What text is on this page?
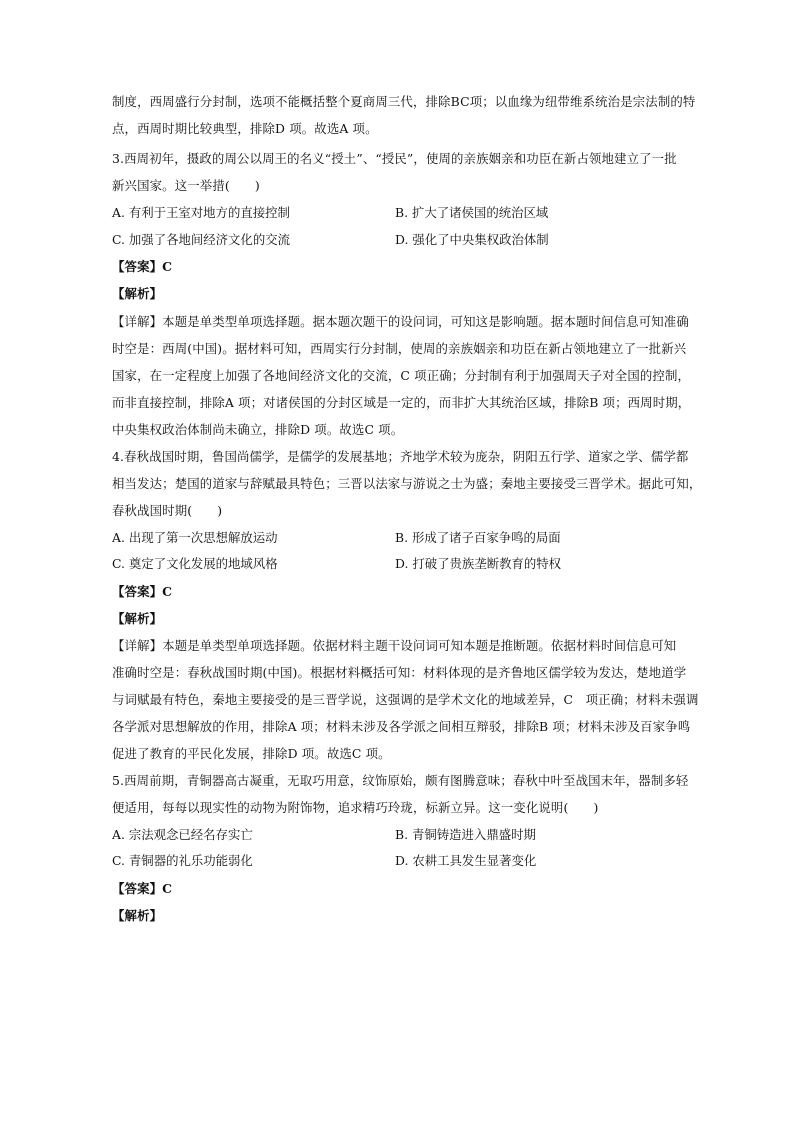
制度，西周盛行分封制，选项不能概括整个夏商周三代，排除BC项；以血缘为纽带维系统治是宗法制的特
点，西周时期比较典型，排除D 项。故选A 项。
3.西周初年，摄政的周公以周王的名义“授土”、“授民”，使周的亲族姻亲和功臣在新占领地建立了一批
新兴国家。这一举措(　　)
A. 有利于王室对地方的直接控制	B. 扩大了诸侯国的统治区域
C. 加强了各地间经济文化的交流	D. 强化了中央集权政治体制
【答案】C
【解析】
【详解】本题是单类型单项选择题。据本题次题干的设问词，可知这是影响题。据本题时间信息可知准确
时空是：西周(中国)。据材料可知，西周实行分封制，使周的亲族姻亲和功臣在新占领地建立了一批新兴
国家，在一定程度上加强了各地间经济文化的交流，C 项正确；分封制有利于加强周天子对全国的控制，
而非直接控制，排除A 项；对诸侯国的分封区域是一定的，而非扩大其统治区域，排除B 项；西周时期，
中央集权政治体制尚未确立，排除D 项。故选C 项。
4.春秋战国时期，鲁国尚儒学，是儒学的发展基地；齐地学术较为庞杂，阴阳五行学、道家之学、儒学都
相当发达；楚国的道家与辞赋最具特色；三晋以法家与游说之士为盛；秦地主要接受三晋学术。据此可知，
春秋战国时期(　　)
A. 出现了第一次思想解放运动	B. 形成了诸子百家争鸣的局面
C. 奠定了文化发展的地域风格	D. 打破了贵族垄断教育的特权
【答案】C
【解析】
【详解】本题是单类型单项选择题。依据材料主题干设问词可知本题是推断题。依据材料时间信息可知
准确时空是：春秋战国时期(中国)。根据材料概括可知：材料体现的是齐鲁地区儒学较为发达，楚地道学
与词赋最有特色，秦地主要接受的是三晋学说，这强调的是学术文化的地域差异，C　项正确；材料未强调
各学派对思想解放的作用，排除A 项；材料未涉及各学派之间相互辩驳，排除B 项；材料未涉及百家争鸣
促进了教育的平民化发展，排除D 项。故选C 项。
5.西周前期，青铜器高古凝重，无取巧用意，纹饰原始，颇有图腾意味；春秋中叶至战国末年，器制多轻
便适用，每每以现实性的动物为附饰物，追求精巧玲珑，标新立异。这一变化说明(　　)
A. 宗法观念已经名存实亡	B. 青铜铸造进入鼎盛时期
C. 青铜器的礼乐功能弱化	D. 农耕工具发生显著变化
【答案】C
【解析】
